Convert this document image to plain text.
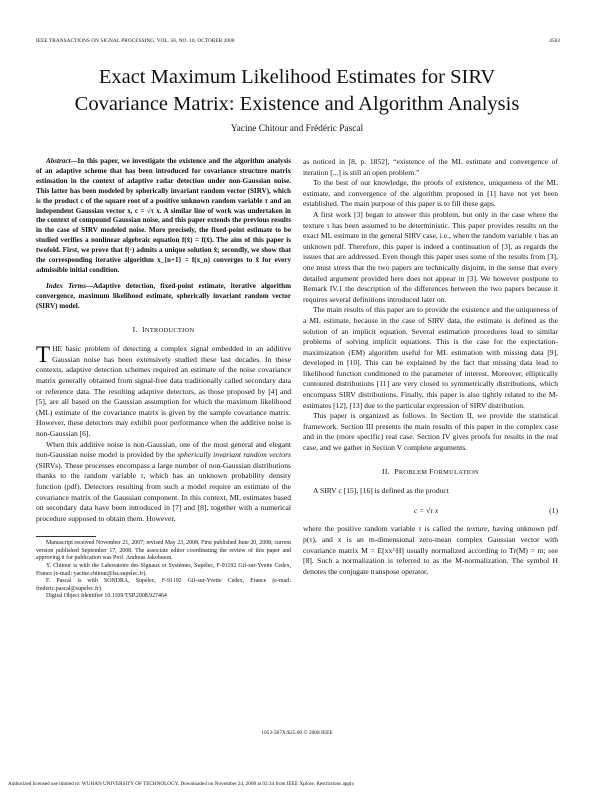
IEEE TRANSACTIONS ON SIGNAL PROCESSING, VOL. 56, NO. 10, OCTOBER 2008	4563
Exact Maximum Likelihood Estimates for SIRV
Covariance Matrix: Existence and Algorithm Analysis
Yacine Chitour and Frédéric Pascal

Abstract—In this paper, we investigate the existence and the algorithm analysis of an adaptive scheme that has been introduced for covariance structure matrix estimation in the context of adaptive radar detection under non-Gaussian noise. This latter has been modeled by spherically invariant random vector (SIRV), which is the product c of the square root of a positive unknown random variable τ and an independent Gaussian vector x, c = √τ x. A similar line of work was undertaken in the context of compound Gaussian noise, and this paper extends the previous results in the case of SIRV modeled noise. More precisely, the fixed-point estimate to be studied verifies a nonlinear algebraic equation f(x̂) = f(x̂). The aim of this paper is twofold. First, we prove that f(·) admits a unique solution x̂; secondly, we show that the corresponding iterative algorithm x_{n+1} = f(x_n) converges to x̂ for every admissible initial condition.

Index Terms—Adaptive detection, fixed-point estimate, iterative algorithm convergence, maximum likelihood estimate, spherically invariant random vector (SIRV) model.

I. INTRODUCTION

THE basic problem of detecting a complex signal embedded in an additive Gaussian noise has been extensively studied these last decades. In these contexts, adaptive detection schemes required an estimate of the noise covariance matrix generally obtained from signal-free data traditionally called secondary data or reference data. The resulting adaptive detectors, as those proposed by [4] and [5], are all based on the Gaussian assumption for which the maximum likelihood (ML) estimate of the covariance matrix is given by the sample covariance matrix. However, these detectors may exhibit poor performance when the additive noise is non-Gaussian [6].

When this additive noise is non-Gaussian, one of the most general and elegant non-Gaussian noise model is provided by the spherically invariant random vectors (SIRVs). These processes encompass a large number of non-Gaussian distributions thanks to the random variable τ, which has an unknown probability density function (pdf). Detectors resulting from such a model require an estimate of the covariance matrix of the Gaussian component. In this context, ML estimates based on secondary data have been introduced in [7] and [8], together with a numerical procedure supposed to obtain them. However,

Manuscript received November 21, 2007; revised May 23, 2008. First published June 20, 2008; current version published September 17, 2008. The associate editor coordinating the review of this paper and approving it for publication was Prof. Andreas Jakobsson.

Y. Chitour is with the Laboratoire des Signaux et Systèmes, Supélec, F-91192 Gif-sur-Yvette Cedex, France (e-mail: yacine.chitour@lss.supelec.fr).

F. Pascal is with SONDRA, Supélec, F-91192 Gif-sur-Yvette Cedex, France (e-mail: frederic.pascal@supelec.fr).

Digital Object Identifier 10.1109/TSP.2008.927464

as noticed in [8, p. 1852], “existence of the ML estimate and convergence of iteration [...] is still an open problem.”

To the best of our knowledge, the proofs of existence, uniqueness of the ML estimate, and convergence of the algorithm proposed in [1] have not yet been established. The main purpose of this paper is to fill these gaps.

A first work [3] began to answer this problem, but only in the case where the texture τ has been assumed to be deterministic. This paper provides results on the exact ML estimate in the general SIRV case, i.e., when the random variable τ has an unknown pdf. Therefore, this paper is indeed a continuation of [3], as regards the issues that are addressed. Even though this paper uses some of the results from [3], one must stress that the two papers are technically disjoint, in the sense that every detailed argument provided here does not appear in [3]. We however postpone to Remark IV.1 the description of the differences between the two papers because it requires several definitions introduced later on.

The main results of this paper are to provide the existence and the uniqueness of a ML estimate, because in the case of SIRV data, the estimate is defined as the solution of an implicit equation. Several estimation procedures lead to similar problems of solving implicit equations. This is the case for the expectation-maximization (EM) algorithm useful for ML estimation with missing data [9], developed in [10]. This can be explained by the fact that missing data lead to likelihood function conditioned to the parameter of interest. Moreover, elliptically contoured distributions [11] are very closed to symmetrically distributions, which encompass SIRV distributions. Finally, this paper is also tightly related to the M-estimates [12], [13] due to the particular expression of SIRV distribution.

This paper is organized as follows. In Section II, we provide the statistical framework. Section III presents the main results of this paper in the complex case and in the (more specific) real case. Section IV gives proofs for results in the real case, and we gather in Section V complete arguments.

II. PROBLEM FORMULATION

A SIRV c [15], [16] is defined as the product

c = √τ x	(1)

where the positive random variable τ is called the texture, having unknown pdf p(τ), and x is an m-dimensional zero-mean complex Gaussian vector with covariance matrix M = E[xx^H] usually normalized according to Tr(M) = m; see [8]. Such a normalization is referred to as the M-normalization. The symbol H denotes the conjugate transpose operator,

1053-587X/$25.00 © 2008 IEEE
Authorized licensed use limited to: WUHAN UNIVERSITY OF TECHNOLOGY. Downloaded on November 24, 2008 at 02:34 from IEEE Xplore. Restrictions apply.
